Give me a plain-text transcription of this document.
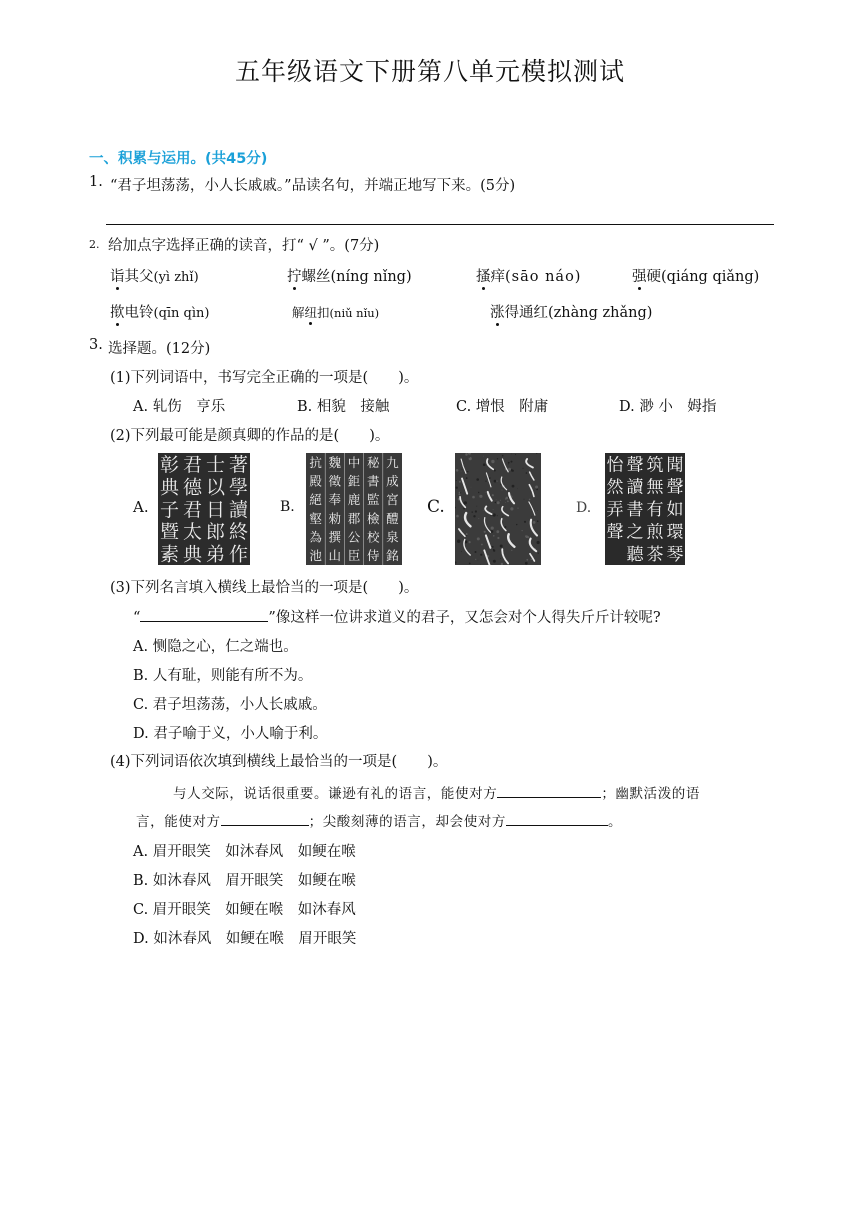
五年级语文下册第八单元模拟测试
一、积累与运用。(共45分)
1. “君子坦荡荡，小人长戚戚。”品读名句，并端正地写下来。(5分)
2. 给加点字选择正确的读音，打“ √ ”。(7分)
诣其父(yì zhǐ)	拧螺丝(níng nǐng)	搔痒(sāo náo)	强硬(qiáng qiǎng)
揿电铃(qīn qìn)	解纽扣(niǔ nǐu)	涨得通红(zhàng zhǎng)
3. 选择题。(12分)
(1)下列词语中，书写完全正确的一项是( )。
A. 轧伤　亨乐	B. 相貌　接触	C. 增恨　附庸	D. 渺 小　姆指
(2)下列最可能是颜真卿的作品的是( )。
A.	B.	C.	D.
著
學
讀
終
作
士
以
日
郎
弟
君
德
君
太
典
彰
典
子
暨
素
九
成
宮
醴
泉
銘
秘
書
監
檢
校
侍
中
鉅
鹿
郡
公
臣
魏
徵
奉
勑
撰
山
抗
殿
絕
壑
為
池
聞
聲
如
環
琴
筑
無
有
煎
茶
聲
讀
書
之
聽
怡
然
弄
聲
(3)下列名言填入横线上最恰当的一项是( )。
“	”像这样一位讲求道义的君子，又怎会对个人得失斤斤计较呢?
A. 恻隐之心，仁之端也。
B. 人有耻，则能有所不为。
C. 君子坦荡荡，小人长戚戚。
D. 君子喻于义，小人喻于利。
(4)下列词语依次填到横线上最恰当的一项是( )。
与人交际，说话很重要。谦逊有礼的语言，能使对方	；幽默活泼的语
言，能使对方	；尖酸刻薄的语言，却会使对方	。
A. 眉开眼笑　如沐春风　如鲠在喉
B. 如沐春风　眉开眼笑　如鲠在喉
C. 眉开眼笑　如鲠在喉　如沐春风
D. 如沐春风　如鲠在喉　眉开眼笑
